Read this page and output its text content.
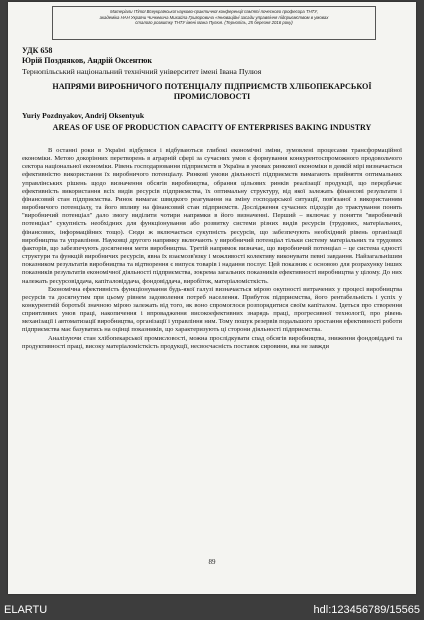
Матеріали ІТітої Всеукраїнської науково-практичної конференції пам'яті почесного професора ТНТУ,
академіка НАН України Чичкевича Михайла Григоровича «Інноваційні засади управління підприємством в умовах
сталого розвитку ТНТУ імені Івана Пулюя. (Тернопіль, 25 березня 2016 року)
УДК 658
Юрій Поздняков, Андрій Оксентюк
Тернопільський національний технічний університет імені Івана Пулюя
НАПРЯМИ ВИРОБНИЧОГО ПОТЕНЦІАЛУ ПІДПРИЄМСТВ ХЛІБОПЕКАРСЬКОЇ ПРОМИСЛОВОСТІ
Yuriy Pozdnyakov, Andrij Oksentyuk
AREAS OF USE OF PRODUCTION CAPACITY OF ENTERPRISES BAKING INDUSTRY

В останні роки в Україні відбулися і відбуваються глибокі економічні зміни, зумовлені процесами трансформаційної економіки. Метою докорінних перетворень в аграрній сфері за сучасних умов є формування конкурентоспроможного продовольчого сектора національної економіки. Рівень господарювання підприємств в Україна в умовах ринкової економіки в деякій мірі визначається ефективністю використання їх виробничого потенціалу. Ринкові умови діяльності підприємств вимагають прийняття оптимальних управлінських рішень щодо визначення обсягів виробництва, обрання цільових ринків реалізації продукції, що передбачає ефективність використання всіх видів ресурсів підприємства, їх оптимальну структуру, від якої залежать фінансові результати і фінансовий стан підприємства. Ринок вимагає швидкого реагування на зміну господарської ситуації, пов'язаної з використанням виробничого потенціалу, та його впливу на фінансовий стан підприємств. Дослідження сучасних підходів до трактування понять "виробничий потенціал" дало змогу виділити чотири напрямки в його визначенні. Перший – включає у поняття "виробничий потенціал" сукупність необхідних для функціонування або розвитку системи різних видів ресурсів (трудових, матеріальних, фінансових, інформаційних тощо). Сюди ж включається сукупність ресурсів, що забезпечують необхідний рівень організації виробництва та управління. Науковці другого напрямку включають у виробничий потенціал тільки систему матеріальних та трудових факторів, що забезпечують досягнення мети виробництва. Третій напрямок визначає, що виробничий потенціал – це система єдності структури та функцій виробничих ресурсів, явна їх взаємозв'язку і можливості колективу виконувати певні завдання. Найзагальнішим показником результатів виробництва та відтворення є випуск товарів і надання послуг. Цей показник є основою для розрахунку інших показників результатів економічної діяльності підприємства, зокрема загальних показників ефективності виробництва у цілому. До них належать ресурсовіддача, капіталовіддача, фондовіддача, виробіток, матеріаломісткість.

Економічна ефективність функціонування будь-якої галузі визначається мірою окупності витрачених у процесі виробництва ресурсів та досягнутим при цьому рівнем задоволення потреб населення. Прибуток підприємства, його рентабельність і успіх у конкурентній боротьбі значною мірою залежать від того, як воно спромоглося розпорядитися своїм капіталом. Ідеться про створення сприятливих умов праці, накопичення і впровадження високоефективних знарядь праці, прогресивної технології, про рівень механізації і автоматизації виробництва, організації і управління ним. Тому пошук резервів подальшого зростання ефективності роботи підприємства має базуватись на оцінці показників, що характеризують ці сторони діяльності підприємства.

Аналізуючи стан хлібопекарської промисловості, можна прослідкувати спад обсягів виробництва, зниження фондовіддачі та продуктивності праці, високу матеріаломісткість продукції, несвоєчасність поставок сировини, яка не завжди

89
ELARTU	hdl:123456789/15565
